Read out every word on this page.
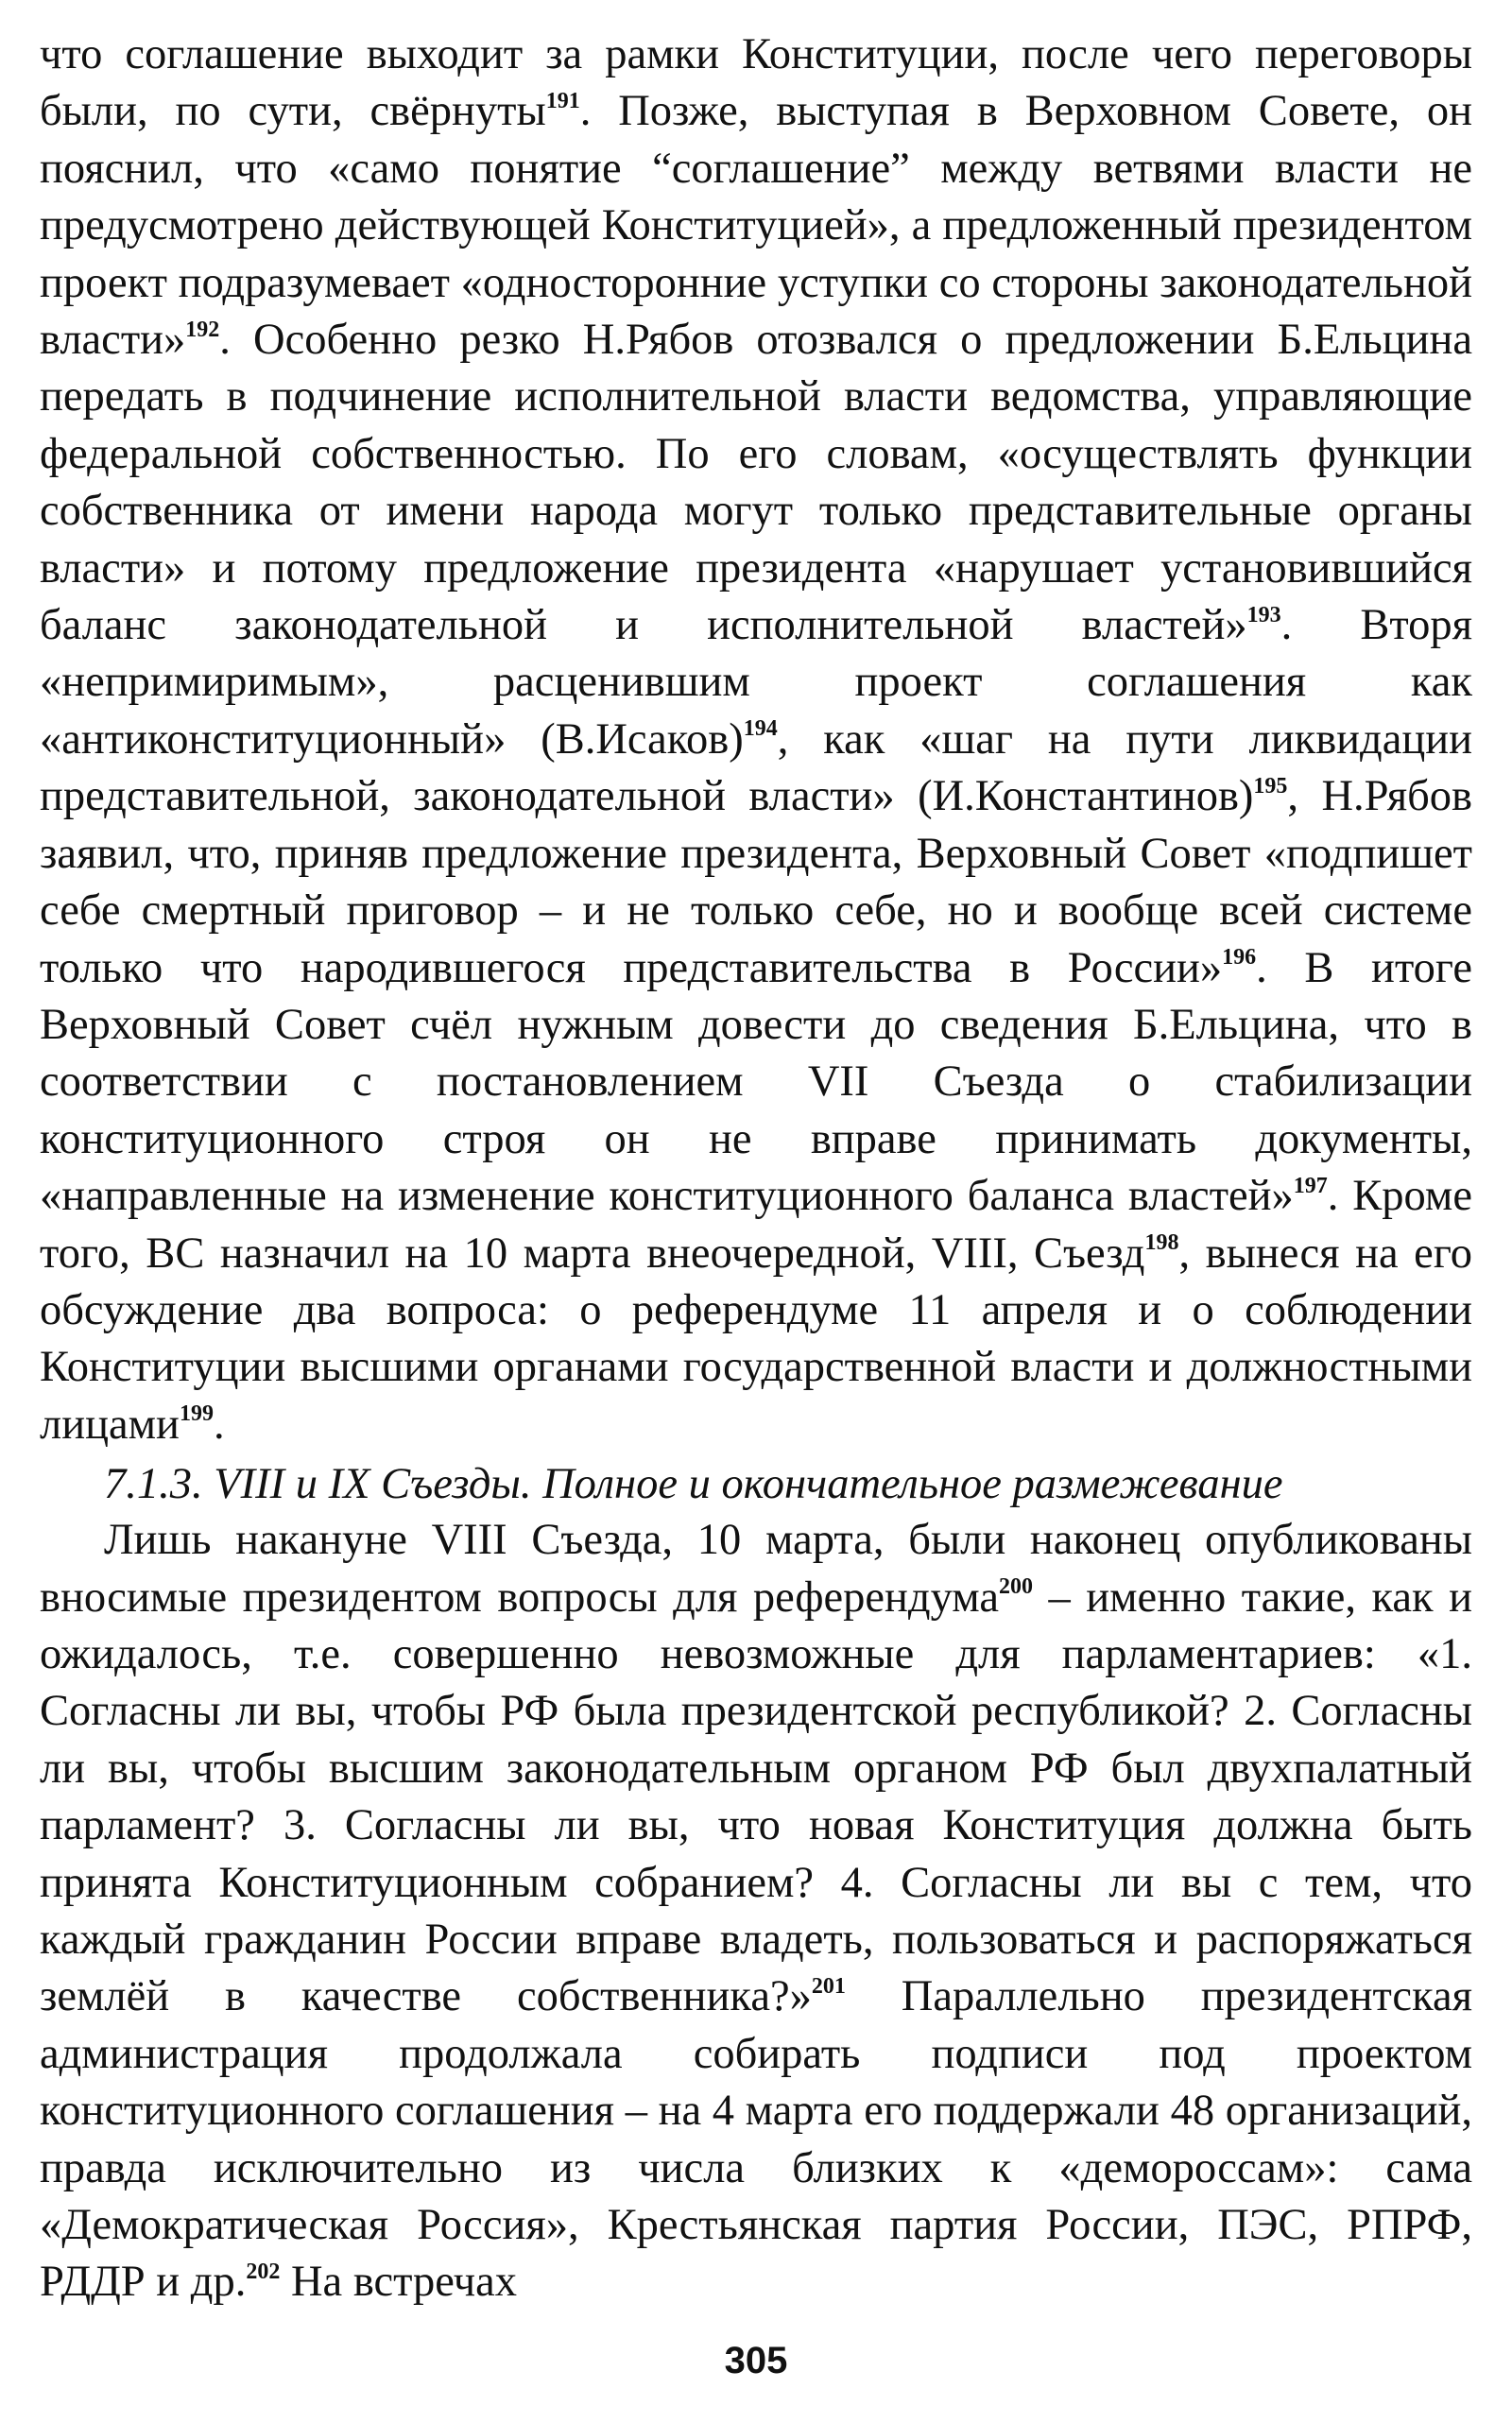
что соглашение выходит за рамки Конституции, после чего переговоры были, по сути, свёрнуты$^{191}$. Позже, выступая в Верховном Совете, он пояснил, что «само понятие “соглашение” между ветвями власти не предусмотрено действующей Конституцией», а предложенный президентом проект подразумевает «односторонние уступки со стороны законодательной власти»$^{192}$. Особенно резко Н.Рябов отозвался о предложении Б.Ельцина передать в подчинение исполнительной власти ведомства, управляющие федеральной собственностью. По его словам, «осуществлять функции собственника от имени народа могут только представительные органы власти» и потому предложение президента «нарушает установившийся баланс законодательной и исполнительной властей»$^{193}$. Вторя «непримиримым», расценившим проект соглашения как «антиконституционный» (В.Исаков)$^{194}$, как «шаг на пути ликвидации представительной, законодательной власти» (И.Константинов)$^{195}$, Н.Рябов заявил, что, приняв предложение президента, Верховный Совет «подпишет себе смертный приговор – и не только себе, но и вообще всей системе только что народившегося представительства в России»$^{196}$. В итоге Верховный Совет счёл нужным довести до сведения Б.Ельцина, что в соответствии с постановлением VII Съезда о стабилизации конституционного строя он не вправе принимать документы, «направленные на изменение конституционного баланса властей»$^{197}$. Кроме того, ВС назначил на 10 марта внеочередной, VIII, Съезд$^{198}$, вынеся на его обсуждение два вопроса: о референдуме 11 апреля и о соблюдении Конституции высшими органами государственной власти и должностными лицами$^{199}$.

7.1.3. VIII и IX Съезды. Полное и окончательное размежевание

Лишь накануне VIII Съезда, 10 марта, были наконец опубликованы вносимые президентом вопросы для референдума$^{200}$ – именно такие, как и ожидалось, т.е. совершенно невозможные для парламентариев: «1. Согласны ли вы, чтобы РФ была президентской республикой? 2. Согласны ли вы, чтобы высшим законодательным органом РФ был двухпалатный парламент? 3. Согласны ли вы, что новая Конституция должна быть принята Конституционным собранием? 4. Согласны ли вы с тем, что каждый гражданин России вправе владеть, пользоваться и распоряжаться землёй в качестве собственника?»$^{201}$ Параллельно президентская администрация продолжала собирать подписи под проектом конституционного соглашения – на 4 марта его поддержали 48 организаций, правда исключительно из числа близких к «демороссам»: сама «Демократическая Россия», Крестьянская партия России, ПЭС, РПРФ, РДДР и др.$^{202}$ На встречах

305
